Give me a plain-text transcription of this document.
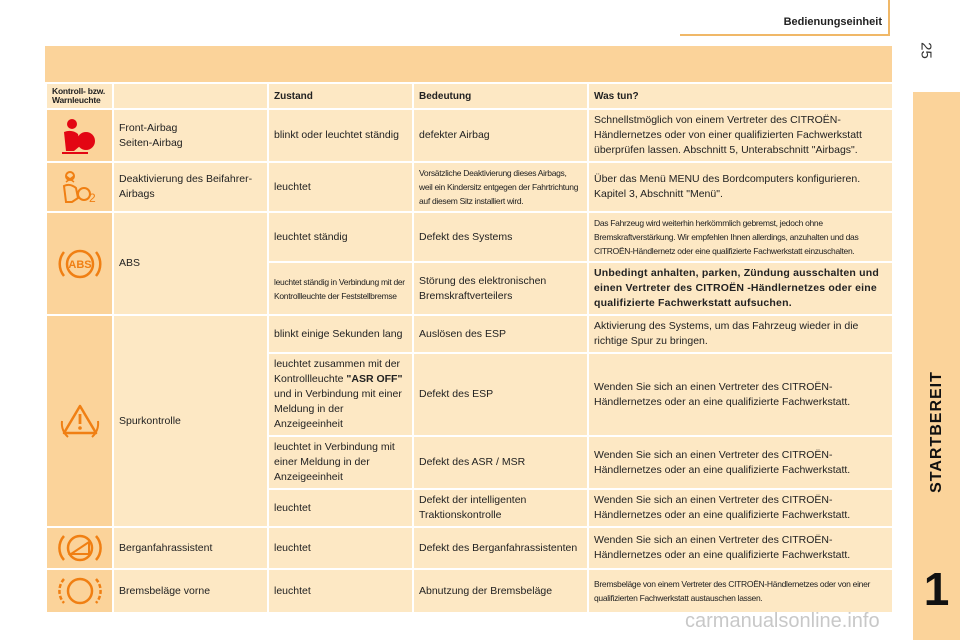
Bedienungseinheit
25
STARTBEREIT
1
Kontroll- bzw. Warnleuchte		Zustand	Bedeutung	Was tun?

	Front-Airbag
Seiten-Airbag	blinkt oder leuchtet ständig	defekter Airbag	Schnellstmöglich von einem Vertreter des CITROËN-Händlernetzes oder von einer qualifizierten Fachwerkstatt überprüfen lassen. Abschnitt 5, Unterabschnitt "Airbags".

2	Deaktivierung des Beifahrer-Airbags	leuchtet	Vorsätzliche Deaktivierung dieses Airbags, weil ein Kindersitz entgegen der Fahrtrichtung auf diesem Sitz installiert wird.	Über das Menü MENU des Bordcomputers konfigurieren. Kapitel 3, Abschnitt "Menü".

ABS	ABS	leuchtet ständig	Defekt des Systems	Das Fahrzeug wird weiterhin herkömmlich gebremst, jedoch ohne Bremskraftverstärkung. Wir empfehlen Ihnen allerdings, anzuhalten und das CITROËN-Händlernetz oder eine qualifizierte Fachwerkstatt einzuschalten.
		leuchtet ständig in Verbindung mit der Kontrollleuchte der Feststellbremse	Störung des elektronischen Bremskraftverteilers	Unbedingt anhalten, parken, Zündung ausschalten und einen Vertreter des CITROËN -Händlernetzes oder eine qualifizierte Fachwerkstatt aufsuchen.

	Spurkontrolle	blinkt einige Sekunden lang	Auslösen des ESP	Aktivierung des Systems, um das Fahrzeug wieder in die richtige Spur zu bringen.
		leuchtet zusammen mit der Kontrollleuchte "ASR OFF" und in Verbindung mit einer Meldung in der Anzeigeeinheit	Defekt des ESP	Wenden Sie sich an einen Vertreter des CITROËN-Händlernetzes oder an eine qualifizierte Fachwerkstatt.
		leuchtet in Verbindung mit einer Meldung in der Anzeigeeinheit	Defekt des ASR / MSR	Wenden Sie sich an einen Vertreter des CITROËN-Händlernetzes oder an eine qualifizierte Fachwerkstatt.
		leuchtet	Defekt der intelligenten Traktionskontrolle	Wenden Sie sich an einen Vertreter des CITROËN-Händlernetzes oder an eine qualifizierte Fachwerkstatt.

	Berganfahrassistent	leuchtet	Defekt des Berganfahrassistenten	Wenden Sie sich an einen Vertreter des CITROËN-Händlernetzes oder an eine qualifizierte Fachwerkstatt.

	Bremsbeläge vorne	leuchtet	Abnutzung der Bremsbeläge	Bremsbeläge von einem Vertreter des CITROËN-Händlernetzes oder von einer qualifizierten Fachwerkstatt austauschen lassen.
carmanualsonline.info
